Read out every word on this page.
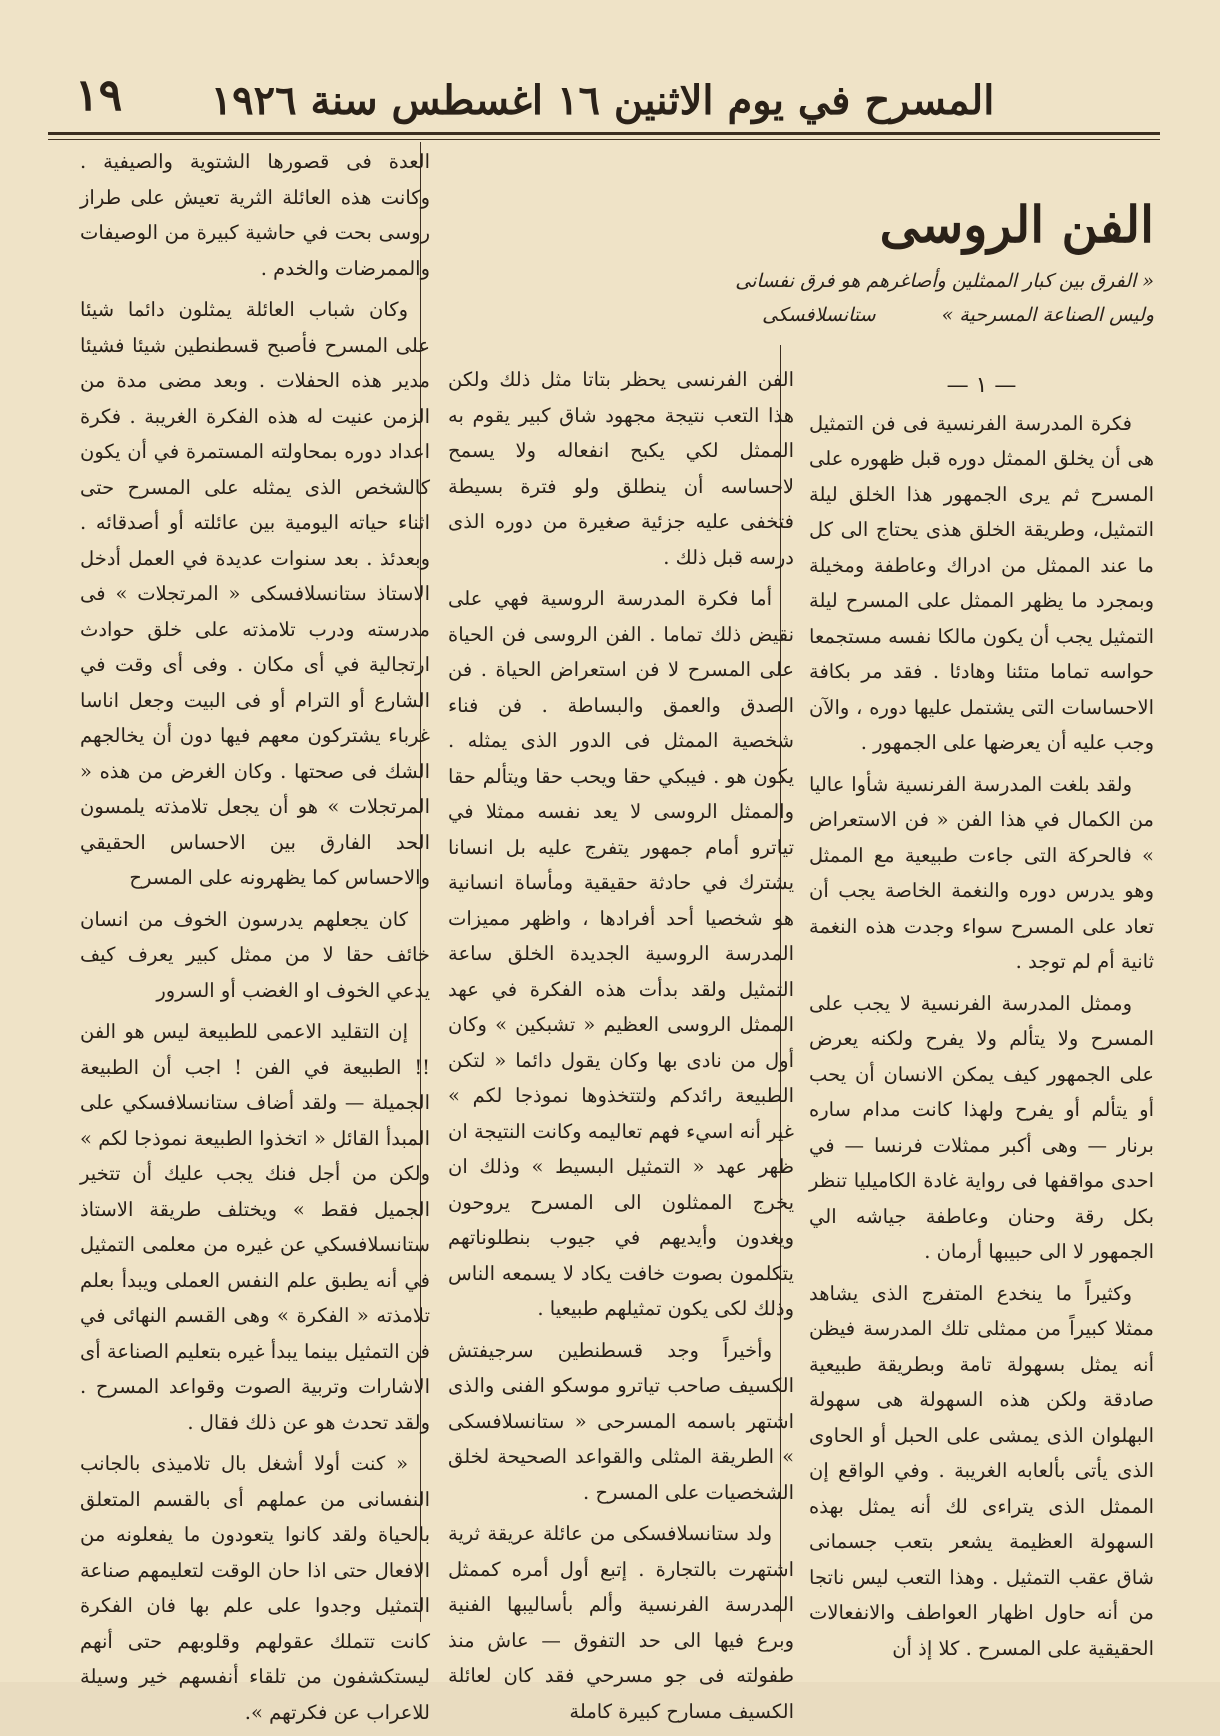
المسرح في يوم الاثنين ١٦ اغسطس سنة ١٩٢٦
١٩
الفن الروسى

« الفرق بين كبار الممثلين وأصاغرهم هو فرق نفسانى

وليس الصناعة المسرحية » ستانسلافسكى

— ١ —

فكرة المدرسة الفرنسية فى فن التمثيل هى أن يخلق الممثل دوره قبل ظهوره على المسرح ثم يرى الجمهور هذا الخلق ليلة التمثيل، وطريقة الخلق هذى يحتاج الى كل ما عند الممثل من ادراك وعاطفة ومخيلة وبمجرد ما يظهر الممثل على المسرح ليلة التمثيل يجب أن يكون مالكا نفسه مستجمعا حواسه تماما متئنا وهادئا . فقد مر بكافة الاحساسات التى يشتمل عليها دوره ، والآن وجب عليه أن يعرضها على الجمهور .

ولقد بلغت المدرسة الفرنسية شأوا عاليا من الكمال في هذا الفن « فن الاستعراض » فالحركة التى جاءت طبيعية مع الممثل وهو يدرس دوره والنغمة الخاصة يجب أن تعاد على المسرح سواء وجدت هذه النغمة ثانية أم لم توجد .

وممثل المدرسة الفرنسية لا يجب على المسرح ولا يتألم ولا يفرح ولكنه يعرض على الجمهور كيف يمكن الانسان أن يحب أو يتألم أو يفرح ولهذا كانت مدام ساره برنار — وهى أكبر ممثلات فرنسا — في احدى مواقفها فى رواية غادة الكاميليا تنظر بكل رقة وحنان وعاطفة جياشه الي الجمهور لا الى حبيبها أرمان .

وكثيراً ما ينخدع المتفرج الذى يشاهد ممثلا كبيراً من ممثلى تلك المدرسة فيظن أنه يمثل بسهولة تامة وبطريقة طبيعية صادقة ولكن هذه السهولة هى سهولة البهلوان الذى يمشى على الحبل أو الحاوى الذى يأتى بألعابه الغريبة . وفي الواقع إن الممثل الذى يتراءى لك أنه يمثل بهذه السهولة العظيمة يشعر بتعب جسمانى شاق عقب التمثيل . وهذا التعب ليس ناتجا من أنه حاول اظهار العواطف والانفعالات الحقيقية على المسرح . كلا إذ أن

الفن الفرنسى يحظر بتاتا مثل ذلك ولكن هذا التعب نتيجة مجهود شاق كبير يقوم به الممثل لكي يكبح انفعاله ولا يسمح لاحساسه أن ينطلق ولو فترة بسيطة فتخفى عليه جزئية صغيرة من دوره الذى درسه قبل ذلك .

أما فكرة المدرسة الروسية فهي على نقيض ذلك تماما . الفن الروسى فن الحياة على المسرح لا فن استعراض الحياة . فن الصدق والعمق والبساطة . فن فناء شخصية الممثل فى الدور الذى يمثله . يكون هو . فيبكي حقا ويحب حقا ويتألم حقا والممثل الروسى لا يعد نفسه ممثلا في تياترو أمام جمهور يتفرج عليه بل انسانا يشترك في حادثة حقيقية ومأساة انسانية هو شخصيا أحد أفرادها ، واظهر مميزات المدرسة الروسية الجديدة الخلق ساعة التمثيل ولقد بدأت هذه الفكرة في عهد الممثل الروسى العظيم « تشبكين » وكان أول من نادى بها وكان يقول دائما « لتكن الطبيعة رائدكم ولتتخذوها نموذجا لكم » غير أنه اسيء فهم تعاليمه وكانت النتيجة ان ظهر عهد « التمثيل البسيط » وذلك ان يخرج الممثلون الى المسرح يروحون ويغدون وأيديهم في جيوب بنطلوناتهم يتكلمون بصوت خافت يكاد لا يسمعه الناس وذلك لكى يكون تمثيلهم طبيعيا .

وأخيراً وجد قسطنطين سرجيفتش الكسيف صاحب تياترو موسكو الفنى والذى اشتهر باسمه المسرحى « ستانسلافسكى » الطريقة المثلى والقواعد الصحيحة لخلق الشخصيات على المسرح .

ولد ستانسلافسكى من عائلة عريقة ثرية اشتهرت بالتجارة . إتبع أول أمره كممثل المدرسة الفرنسية وألم بأساليبها الفنية وبرع فيها الى حد التفوق — عاش منذ طفولته فى جو مسرحي فقد كان لعائلة الكسيف مسارح كبيرة كاملة

العدة فى قصورها الشتوية والصيفية . وكانت هذه العائلة الثرية تعيش على طراز روسى بحت في حاشية كبيرة من الوصيفات والممرضات والخدم .

وكان شباب العائلة يمثلون دائما شيئا على المسرح فأصبح قسطنطين شيئا فشيئا مدير هذه الحفلات . وبعد مضى مدة من الزمن عنيت له هذه الفكرة الغريبة . فكرة اعداد دوره بمحاولته المستمرة في أن يكون كالشخص الذى يمثله على المسرح حتى اثناء حياته اليومية بين عائلته أو أصدقائه . وبعدئذ . بعد سنوات عديدة في العمل أدخل الاستاذ ستانسلافسكى « المرتجلات » فى مدرسته ودرب تلامذته على خلق حوادث ارتجالية في أى مكان . وفى أى وقت في الشارع أو الترام أو فى البيت وجعل اناسا غرباء يشتركون معهم فيها دون أن يخالجهم الشك فى صحتها . وكان الغرض من هذه « المرتجلات » هو أن يجعل تلامذته يلمسون الحد الفارق بين الاحساس الحقيقي والاحساس كما يظهرونه على المسرح

كان يجعلهم يدرسون الخوف من انسان خائف حقا لا من ممثل كبير يعرف كيف يدعي الخوف او الغضب أو السرور

إن التقليد الاعمى للطبيعة ليس هو الفن !! الطبيعة في الفن ! اجب أن الطبيعة الجميلة — ولقد أضاف ستانسلافسكي على المبدأ القائل « اتخذوا الطبيعة نموذجا لكم » ولكن من أجل فنك يجب عليك أن تتخير الجميل فقط » ويختلف طريقة الاستاذ ستانسلافسكي عن غيره من معلمى التمثيل في أنه يطبق علم النفس العملى ويبدأ بعلم تلامذته « الفكرة » وهى القسم النهائى في فن التمثيل بينما يبدأ غيره بتعليم الصناعة أى الاشارات وتربية الصوت وقواعد المسرح . ولقد تحدث هو عن ذلك فقال .

« كنت أولا أشغل بال تلاميذى بالجانب النفسانى من عملهم أى بالقسم المتعلق بالحياة ولقد كانوا يتعودون ما يفعلونه من الافعال حتى اذا حان الوقت لتعليمهم صناعة التمثيل وجدوا على علم بها فان الفكرة كانت تتملك عقولهم وقلوبهم حتى أنهم ليستكشفون من تلقاء أنفسهم خير وسيلة للاعراب عن فكرتهم ».
